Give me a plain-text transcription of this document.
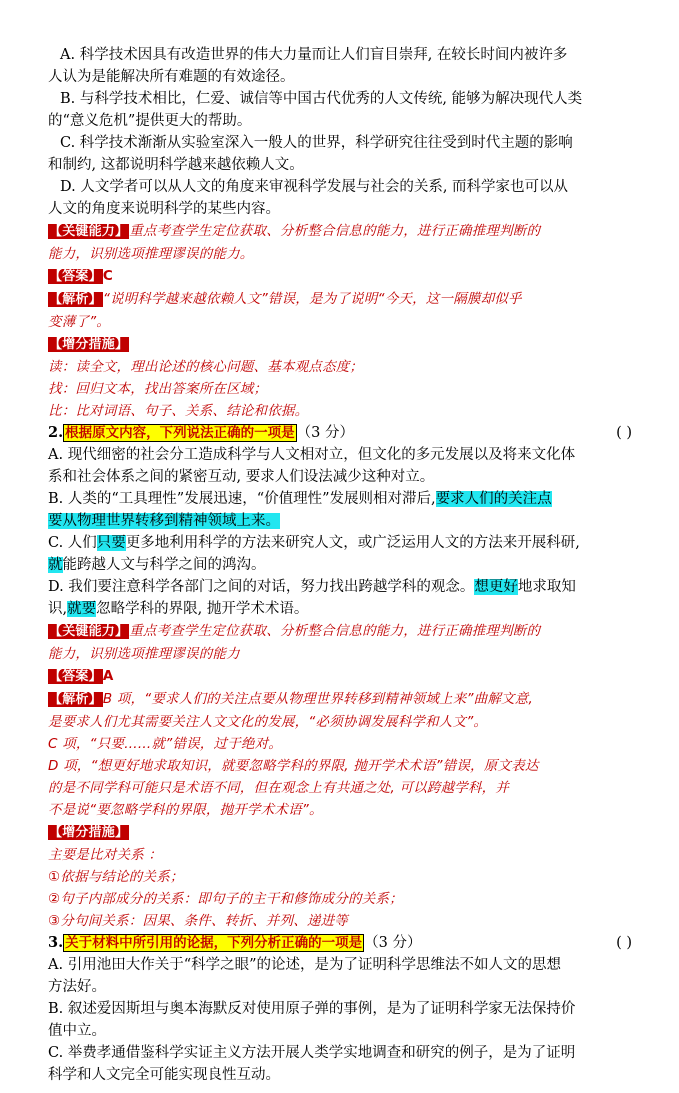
A. 科学技术因具有改造世界的伟大力量而让人们盲目崇拜, 在较长时间内被许多
人认为是能解决所有难题的有效途径。
B. 与科学技术相比，仁爱、诚信等中国古代优秀的人文传统, 能够为解决现代人类
的“意义危机”提供更大的帮助。
C. 科学技术渐渐从实验室深入一般人的世界，科学研究往往受到时代主题的影响
和制约, 这都说明科学越来越依赖人文。
D. 人文学者可以从人文的角度来审视科学发展与社会的关系, 而科学家也可以从
人文的角度来说明科学的某些内容。
【关键能力】重点考查学生定位获取、分析整合信息的能力，进行正确推理判断的
能力，识别选项推理谬误的能力。
【答案】C
【解析】“说明科学越来越依赖人文”错误，是为了说明“今天，这一隔膜却似乎
变薄了”。
【增分措施】
读：读全文，理出论述的核心问题、基本观点态度；
找：回归文本，找出答案所在区域；
比：比对词语、句子、关系、结论和依据。
2. 根据原文内容，下列说法正确的一项是 （3 分）	( )
A. 现代细密的社会分工造成科学与人文相对立，但文化的多元发展以及将来文化体
系和社会体系之间的紧密互动, 要求人们设法减少这种对立。
B. 人类的“工具理性”发展迅速，“价值理性”发展则相对滞后,要求人们的关注点
要从物理世界转移到精神领域上来。
C. 人们只要更多地利用科学的方法来研究人文，或广泛运用人文的方法来开展科研,
就能跨越人文与科学之间的鸿沟。
D. 我们要注意科学各部门之间的对话，努力找出跨越学科的观念。想更好地求取知
识,就要忽略学科的界限, 抛开学术术语。
【关键能力】重点考查学生定位获取、分析整合信息的能力，进行正确推理判断的
能力，识别选项推理谬误的能力
【答案】A
【解析】B 项，“要求人们的关注点要从物理世界转移到精神领域上来”曲解文意,
是要求人们尤其需要关注人文文化的发展，“必须协调发展科学和人文”。
C 项，“只要……就”错误，过于绝对。
D 项，“想更好地求取知识，就要忽略学科的界限, 抛开学术术语”错误，原文表达
的是不同学科可能只是术语不同，但在观念上有共通之处, 可以跨越学科，并
不是说“要忽略学科的界限，抛开学术术语”。
【增分措施】
主要是比对关系 ：
①依据与结论的关系；
②句子内部成分的关系：即句子的主干和修饰成分的关系；
③分句间关系：因果、条件、转折、并列、递进等
3. 关于材料中所引用的论据，下列分析正确的一项是 （3 分）	( )
A. 引用池田大作关于“科学之眼”的论述，是为了证明科学思维法不如人文的思想
方法好。
B. 叙述爱因斯坦与奥本海默反对使用原子弹的事例，是为了证明科学家无法保持价
值中立。
C. 举费孝通借鉴科学实证主义方法开展人类学实地调查和研究的例子，是为了证明
科学和人文完全可能实现良性互动。
